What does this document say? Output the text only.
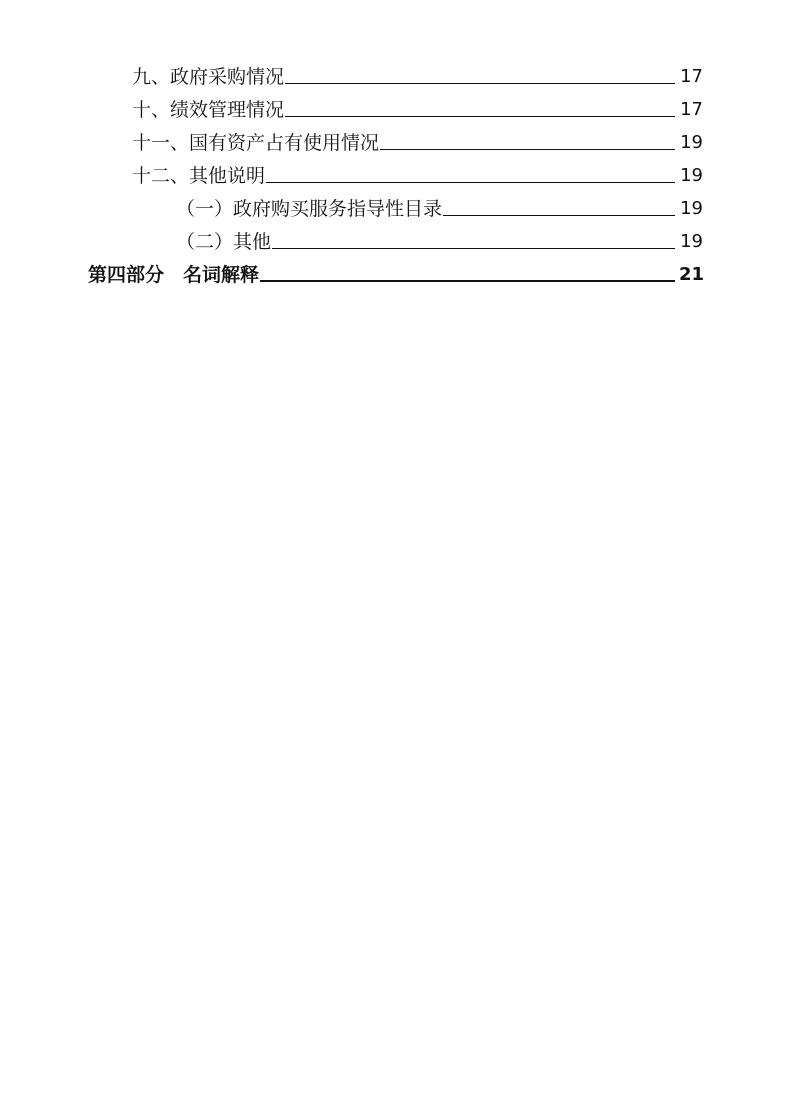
九、政府采购情况	17
十、绩效管理情况	17
十一、国有资产占有使用情况	19
十二、其他说明	19
（一）政府购买服务指导性目录	19
（二）其他	19
第四部分　名词解释	21
